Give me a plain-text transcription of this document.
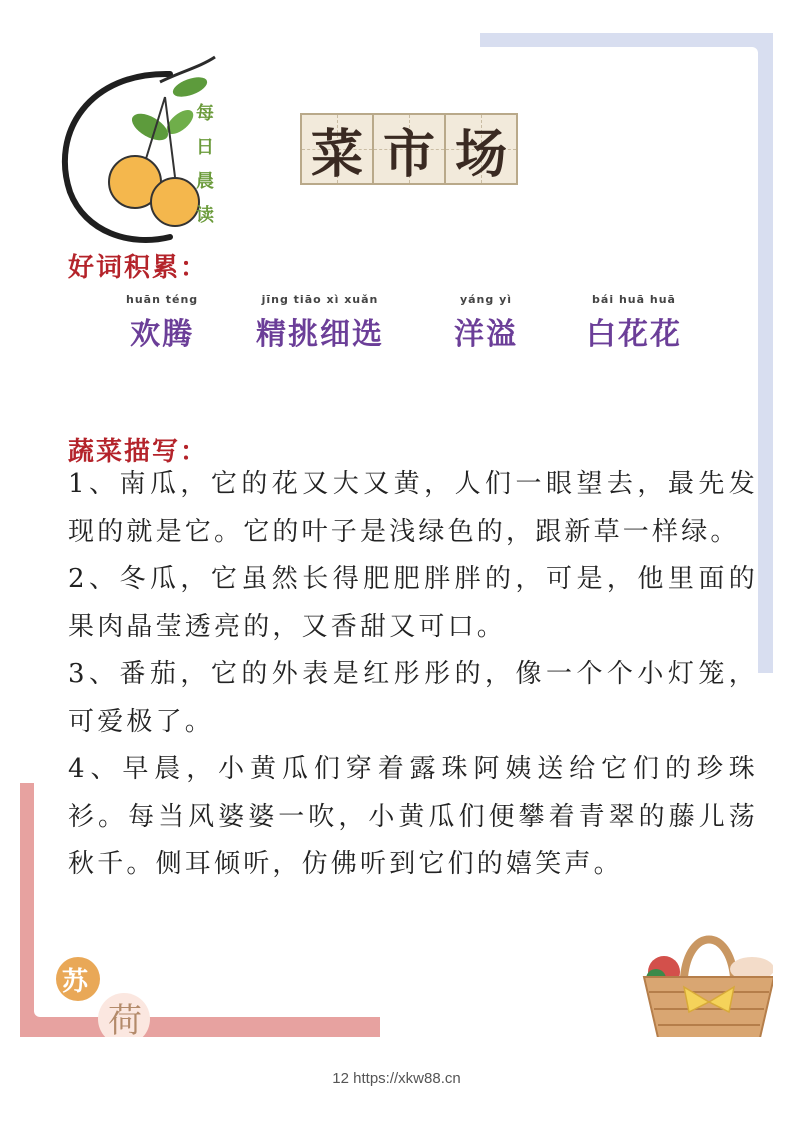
每日晨读
菜 市 场
好词积累：
huān téng
欢腾
jīng tiāo xì xuǎn
精挑细选
yáng yì
洋溢
bái huā huā
白花花
蔬菜描写：

1、南瓜，它的花又大又黄，人们一眼望去，最先发现的就是它。它的叶子是浅绿色的，跟新草一样绿。

2、冬瓜，它虽然长得肥肥胖胖的，可是，他里面的果肉晶莹透亮的，又香甜又可口。

3、番茄，它的外表是红彤彤的，像一个个小灯笼，可爱极了。

4、早晨，小黄瓜们穿着露珠阿姨送给它们的珍珠衫。每当风婆婆一吹，小黄瓜们便攀着青翠的藤儿荡秋千。侧耳倾听，仿佛听到它们的嬉笑声。

苏
荷
12 https://xkw88.cn
